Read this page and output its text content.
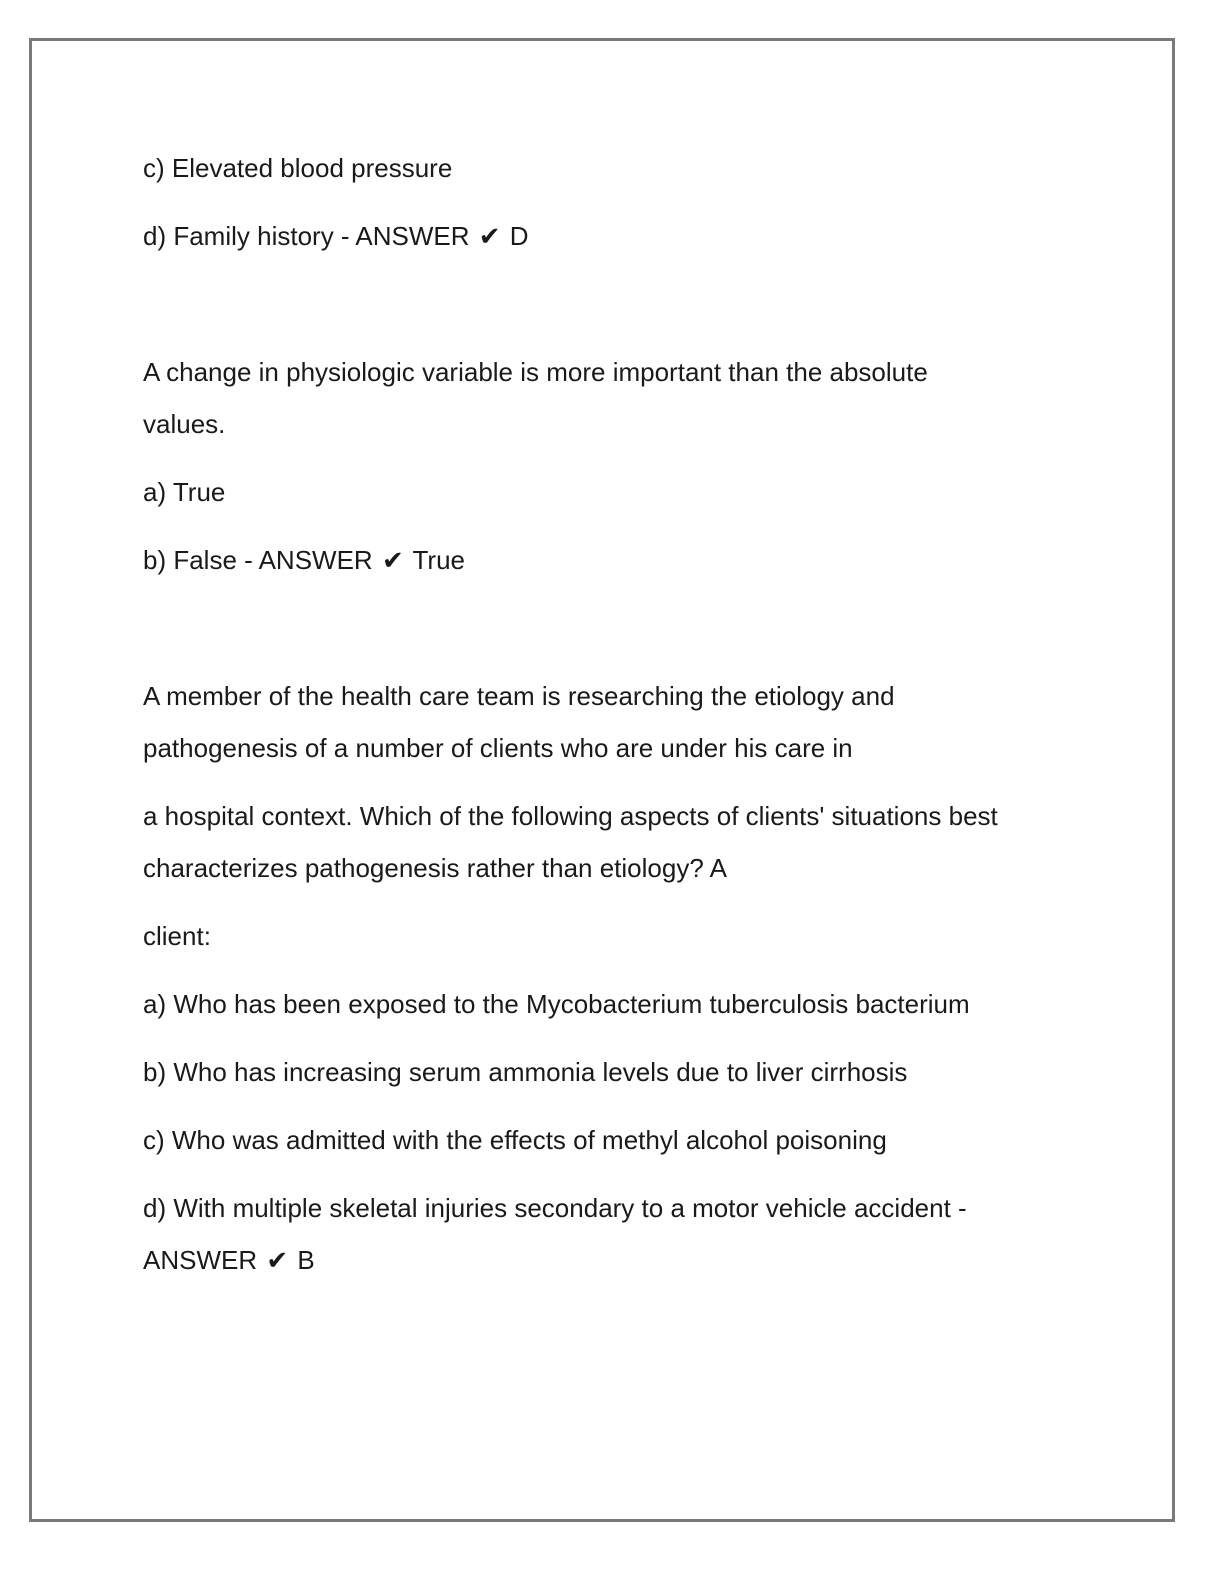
c) Elevated blood pressure
d) Family history - ANSWER ✔ D
A change in physiologic variable is more important than the absolute
values.
a) True
b) False - ANSWER ✔ True
A member of the health care team is researching the etiology and
pathogenesis of a number of clients who are under his care in
a hospital context. Which of the following aspects of clients' situations best
characterizes pathogenesis rather than etiology? A
client:
a) Who has been exposed to the Mycobacterium tuberculosis bacterium
b) Who has increasing serum ammonia levels due to liver cirrhosis
c) Who was admitted with the effects of methyl alcohol poisoning
d) With multiple skeletal injuries secondary to a motor vehicle accident -
ANSWER ✔ B
